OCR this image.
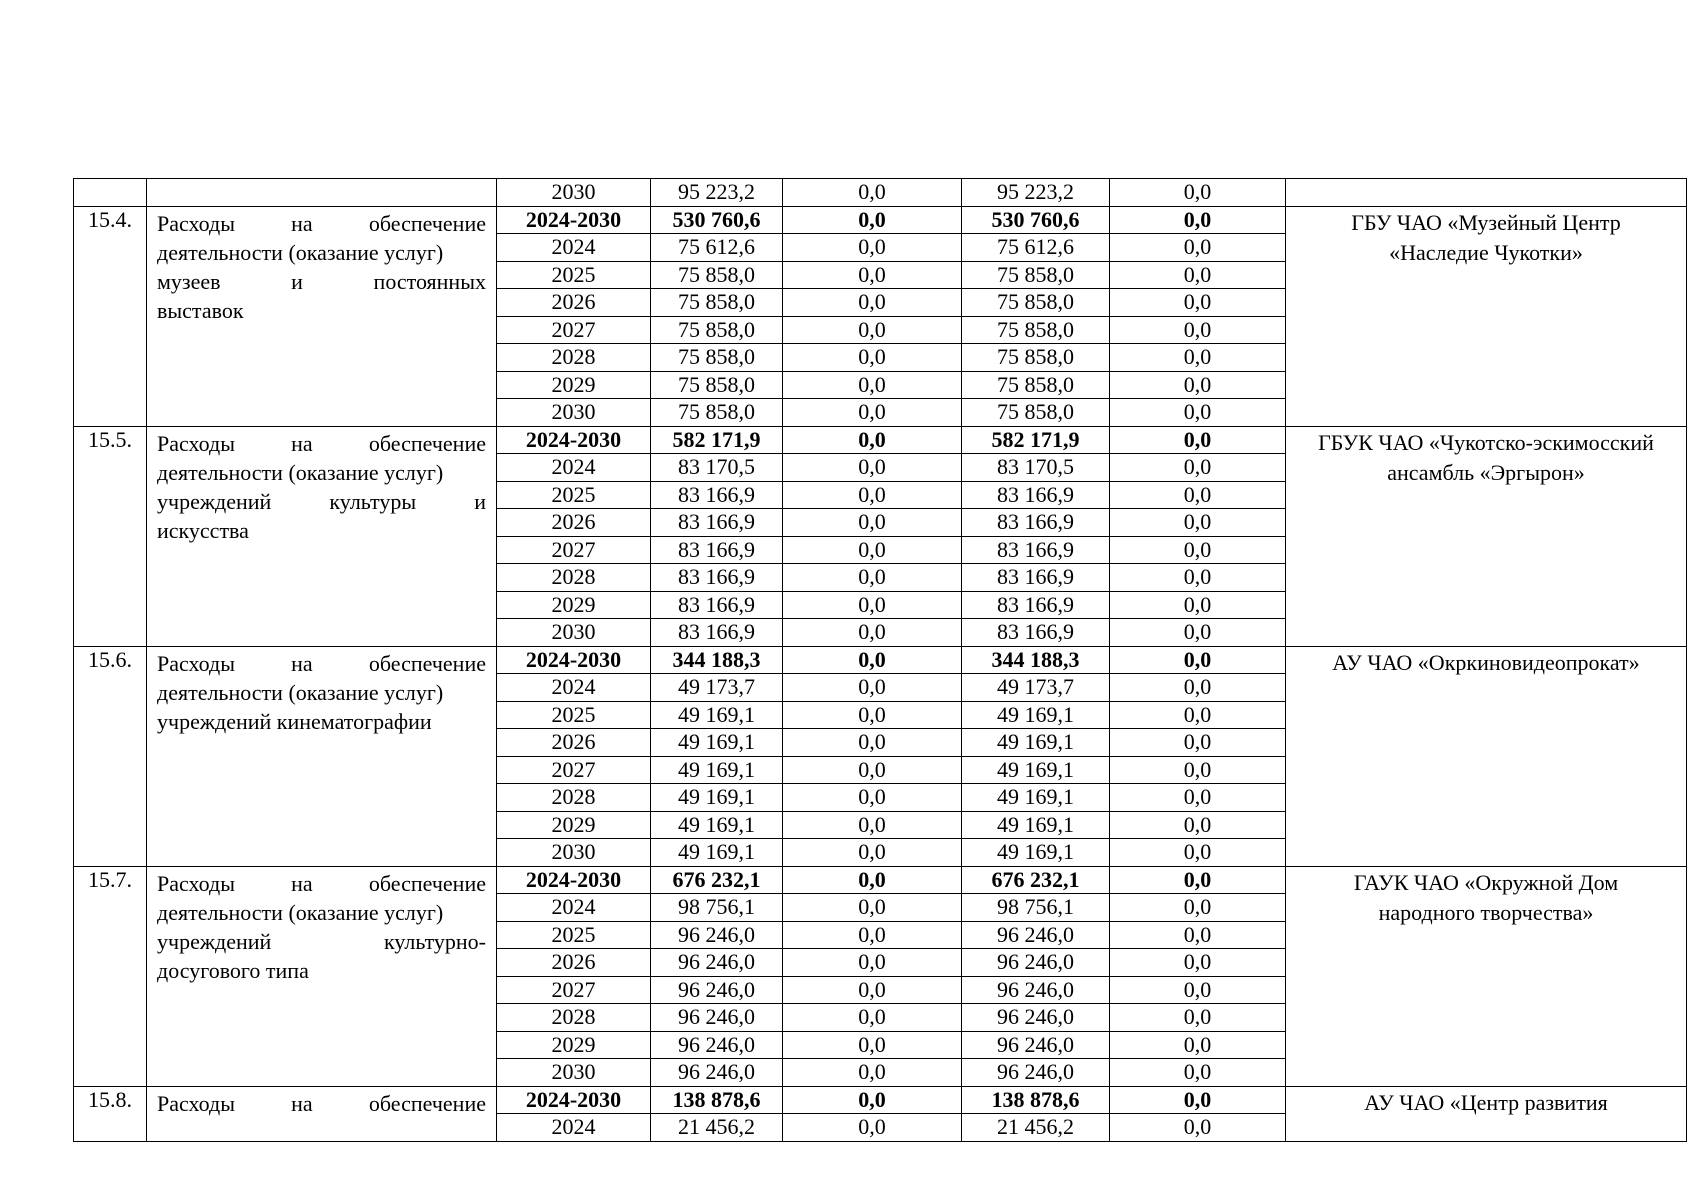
		2030	95 223,2	0,0	95 223,2	0,0	
15.4.	Расходы на обеспечение
деятельности (оказание услуг)
музеев и постоянных
выставок	2024-2030	530 760,6	0,0	530 760,6	0,0	ГБУ ЧАО «Музейный Центр
«Наследие Чукотки»

		2024	75 612,6	0,0	75 612,6	0,0	
		2025	75 858,0	0,0	75 858,0	0,0	
		2026	75 858,0	0,0	75 858,0	0,0	
		2027	75 858,0	0,0	75 858,0	0,0	
		2028	75 858,0	0,0	75 858,0	0,0	
		2029	75 858,0	0,0	75 858,0	0,0	
		2030	75 858,0	0,0	75 858,0	0,0	
15.5.	Расходы на обеспечение
деятельности (оказание услуг)
учреждений культуры и
искусства	2024-2030	582 171,9	0,0	582 171,9	0,0	ГБУК ЧАО «Чукотско-эскимосский
ансамбль «Эргырон»

		2024	83 170,5	0,0	83 170,5	0,0	
		2025	83 166,9	0,0	83 166,9	0,0	
		2026	83 166,9	0,0	83 166,9	0,0	
		2027	83 166,9	0,0	83 166,9	0,0	
		2028	83 166,9	0,0	83 166,9	0,0	
		2029	83 166,9	0,0	83 166,9	0,0	
		2030	83 166,9	0,0	83 166,9	0,0	
15.6.	Расходы на обеспечение
деятельности (оказание услуг)
учреждений кинематографии	2024-2030	344 188,3	0,0	344 188,3	0,0	АУ ЧАО «Окркиновидеопрокат»

		2024	49 173,7	0,0	49 173,7	0,0	
		2025	49 169,1	0,0	49 169,1	0,0	
		2026	49 169,1	0,0	49 169,1	0,0	
		2027	49 169,1	0,0	49 169,1	0,0	
		2028	49 169,1	0,0	49 169,1	0,0	
		2029	49 169,1	0,0	49 169,1	0,0	
		2030	49 169,1	0,0	49 169,1	0,0	
15.7.	Расходы на обеспечение
деятельности (оказание услуг)
учреждений культурно-
досугового типа	2024-2030	676 232,1	0,0	676 232,1	0,0	ГАУК ЧАО «Окружной Дом
народного творчества»

		2024	98 756,1	0,0	98 756,1	0,0	
		2025	96 246,0	0,0	96 246,0	0,0	
		2026	96 246,0	0,0	96 246,0	0,0	
		2027	96 246,0	0,0	96 246,0	0,0	
		2028	96 246,0	0,0	96 246,0	0,0	
		2029	96 246,0	0,0	96 246,0	0,0	
		2030	96 246,0	0,0	96 246,0	0,0	
15.8.	Расходы на обеспечение	2024-2030	138 878,6	0,0	138 878,6	0,0	АУ ЧАО «Центр развития

		2024	21 456,2	0,0	21 456,2	0,0	
